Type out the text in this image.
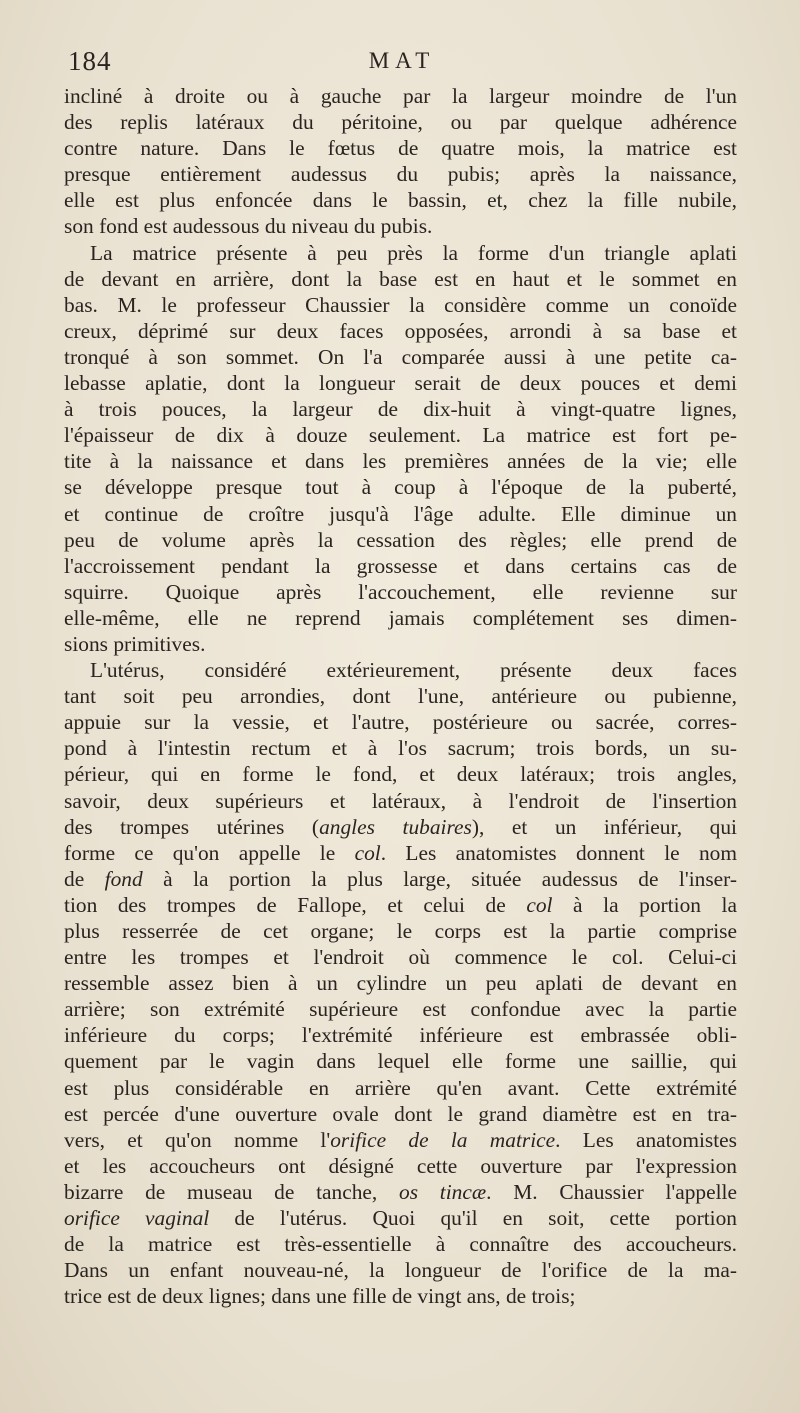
184	MAT
incliné à droite ou à gauche par la largeur moindre de l'un
des replis latéraux du péritoine, ou par quelque adhérence
contre nature. Dans le fœtus de quatre mois, la matrice est
presque entièrement audessus du pubis; après la naissance,
elle est plus enfoncée dans le bassin, et, chez la fille nubile,
son fond est audessous du niveau du pubis.
La matrice présente à peu près la forme d'un triangle aplati
de devant en arrière, dont la base est en haut et le sommet en
bas. M. le professeur Chaussier la considère comme un conoïde
creux, déprimé sur deux faces opposées, arrondi à sa base et
tronqué à son sommet. On l'a comparée aussi à une petite ca-
lebasse aplatie, dont la longueur serait de deux pouces et demi
à trois pouces, la largeur de dix-huit à vingt-quatre lignes,
l'épaisseur de dix à douze seulement. La matrice est fort pe-
tite à la naissance et dans les premières années de la vie; elle
se développe presque tout à coup à l'époque de la puberté,
et continue de croître jusqu'à l'âge adulte. Elle diminue un
peu de volume après la cessation des règles; elle prend de
l'accroissement pendant la grossesse et dans certains cas de
squirre. Quoique après l'accouchement, elle revienne sur
elle-même, elle ne reprend jamais complétement ses dimen-
sions primitives.
L'utérus, considéré extérieurement, présente deux faces
tant soit peu arrondies, dont l'une, antérieure ou pubienne,
appuie sur la vessie, et l'autre, postérieure ou sacrée, corres-
pond à l'intestin rectum et à l'os sacrum; trois bords, un su-
périeur, qui en forme le fond, et deux latéraux; trois angles,
savoir, deux supérieurs et latéraux, à l'endroit de l'insertion
des trompes utérines (angles tubaires), et un inférieur, qui
forme ce qu'on appelle le col. Les anatomistes donnent le nom
de fond à la portion la plus large, située audessus de l'inser-
tion des trompes de Fallope, et celui de col à la portion la
plus resserrée de cet organe; le corps est la partie comprise
entre les trompes et l'endroit où commence le col. Celui-ci
ressemble assez bien à un cylindre un peu aplati de devant en
arrière; son extrémité supérieure est confondue avec la partie
inférieure du corps; l'extrémité inférieure est embrassée obli-
quement par le vagin dans lequel elle forme une saillie, qui
est plus considérable en arrière qu'en avant. Cette extrémité
est percée d'une ouverture ovale dont le grand diamètre est en tra-
vers, et qu'on nomme l'orifice de la matrice. Les anatomistes
et les accoucheurs ont désigné cette ouverture par l'expression
bizarre de museau de tanche, os tincæ. M. Chaussier l'appelle
orifice vaginal de l'utérus. Quoi qu'il en soit, cette portion
de la matrice est très-essentielle à connaître des accoucheurs.
Dans un enfant nouveau-né, la longueur de l'orifice de la ma-
trice est de deux lignes; dans une fille de vingt ans, de trois;
